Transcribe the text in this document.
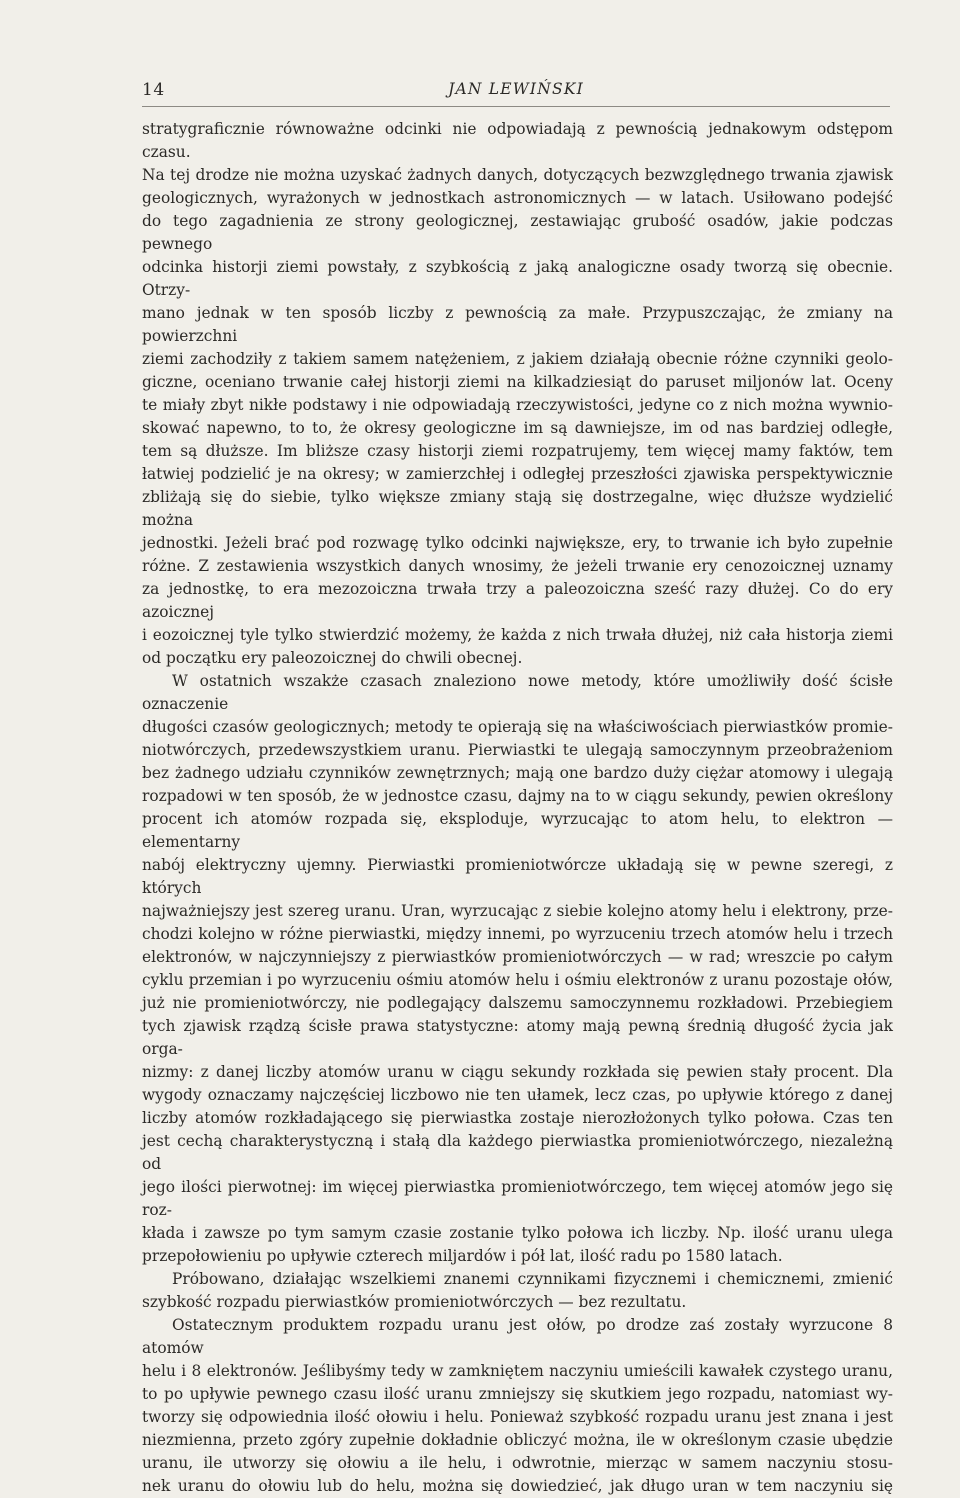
14	JAN LEWIŃSKI
stratygraficznie równoważne odcinki nie odpowiadają z pewnością jednakowym odstępom czasu.
Na tej drodze nie można uzyskać żadnych danych, dotyczących bezwzględnego trwania zjawisk
geologicznych, wyrażonych w jednostkach astronomicznych — w latach. Usiłowano podejść
do tego zagadnienia ze strony geologicznej, zestawiając grubość osadów, jakie podczas pewnego
odcinka historji ziemi powstały, z szybkością z jaką analogiczne osady tworzą się obecnie. Otrzy-
mano jednak w ten sposób liczby z pewnością za małe. Przypuszczając, że zmiany na powierzchni
ziemi zachodziły z takiem samem natężeniem, z jakiem działają obecnie różne czynniki geolo-
giczne, oceniano trwanie całej historji ziemi na kilkadziesiąt do paruset miljonów lat. Oceny
te miały zbyt nikłe podstawy i nie odpowiadają rzeczywistości, jedyne co z nich można wywnio-
skować napewno, to to, że okresy geologiczne im są dawniejsze, im od nas bardziej odległe,
tem są dłuższe. Im bliższe czasy historji ziemi rozpatrujemy, tem więcej mamy faktów, tem
łatwiej podzielić je na okresy; w zamierzchłej i odległej przeszłości zjawiska perspektywicznie
zbliżają się do siebie, tylko większe zmiany stają się dostrzegalne, więc dłuższe wydzielić można
jednostki. Jeżeli brać pod rozwagę tylko odcinki największe, ery, to trwanie ich było zupełnie
różne. Z zestawienia wszystkich danych wnosimy, że jeżeli trwanie ery cenozoicznej uznamy
za jednostkę, to era mezozoiczna trwała trzy a paleozoiczna sześć razy dłużej. Co do ery azoicznej
i eozoicznej tyle tylko stwierdzić możemy, że każda z nich trwała dłużej, niż cała historja ziemi
od początku ery paleozoicznej do chwili obecnej.
W ostatnich wszakże czasach znaleziono nowe metody, które umożliwiły dość ścisłe oznaczenie
długości czasów geologicznych; metody te opierają się na właściwościach pierwiastków promie-
niotwórczych, przedewszystkiem uranu. Pierwiastki te ulegają samoczynnym przeobrażeniom
bez żadnego udziału czynników zewnętrznych; mają one bardzo duży ciężar atomowy i ulegają
rozpadowi w ten sposób, że w jednostce czasu, dajmy na to w ciągu sekundy, pewien określony
procent ich atomów rozpada się, eksploduje, wyrzucając to atom helu, to elektron — elementarny
nabój elektryczny ujemny. Pierwiastki promieniotwórcze układają się w pewne szeregi, z których
najważniejszy jest szereg uranu. Uran, wyrzucając z siebie kolejno atomy helu i elektrony, prze-
chodzi kolejno w różne pierwiastki, między innemi, po wyrzuceniu trzech atomów helu i trzech
elektronów, w najczynniejszy z pierwiastków promieniotwórczych — w rad; wreszcie po całym
cyklu przemian i po wyrzuceniu ośmiu atomów helu i ośmiu elektronów z uranu pozostaje ołów,
już nie promieniotwórczy, nie podlegający dalszemu samoczynnemu rozkładowi. Przebiegiem
tych zjawisk rządzą ścisłe prawa statystyczne: atomy mają pewną średnią długość życia jak orga-
nizmy: z danej liczby atomów uranu w ciągu sekundy rozkłada się pewien stały procent. Dla
wygody oznaczamy najczęściej liczbowo nie ten ułamek, lecz czas, po upływie którego z danej
liczby atomów rozkładającego się pierwiastka zostaje nierozłożonych tylko połowa. Czas ten
jest cechą charakterystyczną i stałą dla każdego pierwiastka promieniotwórczego, niezależną od
jego ilości pierwotnej: im więcej pierwiastka promieniotwórczego, tem więcej atomów jego się roz-
kłada i zawsze po tym samym czasie zostanie tylko połowa ich liczby. Np. ilość uranu ulega
przepołowieniu po upływie czterech miljardów i pół lat, ilość radu po 1580 latach.
Próbowano, działając wszelkiemi znanemi czynnikami fizycznemi i chemicznemi, zmienić
szybkość rozpadu pierwiastków promieniotwórczych — bez rezultatu.
Ostatecznym produktem rozpadu uranu jest ołów, po drodze zaś zostały wyrzucone 8 atomów
helu i 8 elektronów. Jeślibyśmy tedy w zamkniętem naczyniu umieścili kawałek czystego uranu,
to po upływie pewnego czasu ilość uranu zmniejszy się skutkiem jego rozpadu, natomiast wy-
tworzy się odpowiednia ilość ołowiu i helu. Ponieważ szybkość rozpadu uranu jest znana i jest
niezmienna, przeto zgóry zupełnie dokładnie obliczyć można, ile w określonym czasie ubędzie
uranu, ile utworzy się ołowiu a ile helu, i odwrotnie, mierząc w samem naczyniu stosu-
nek uranu do ołowiu lub do helu, można się dowiedzieć, jak długo uran w tem naczyniu się
